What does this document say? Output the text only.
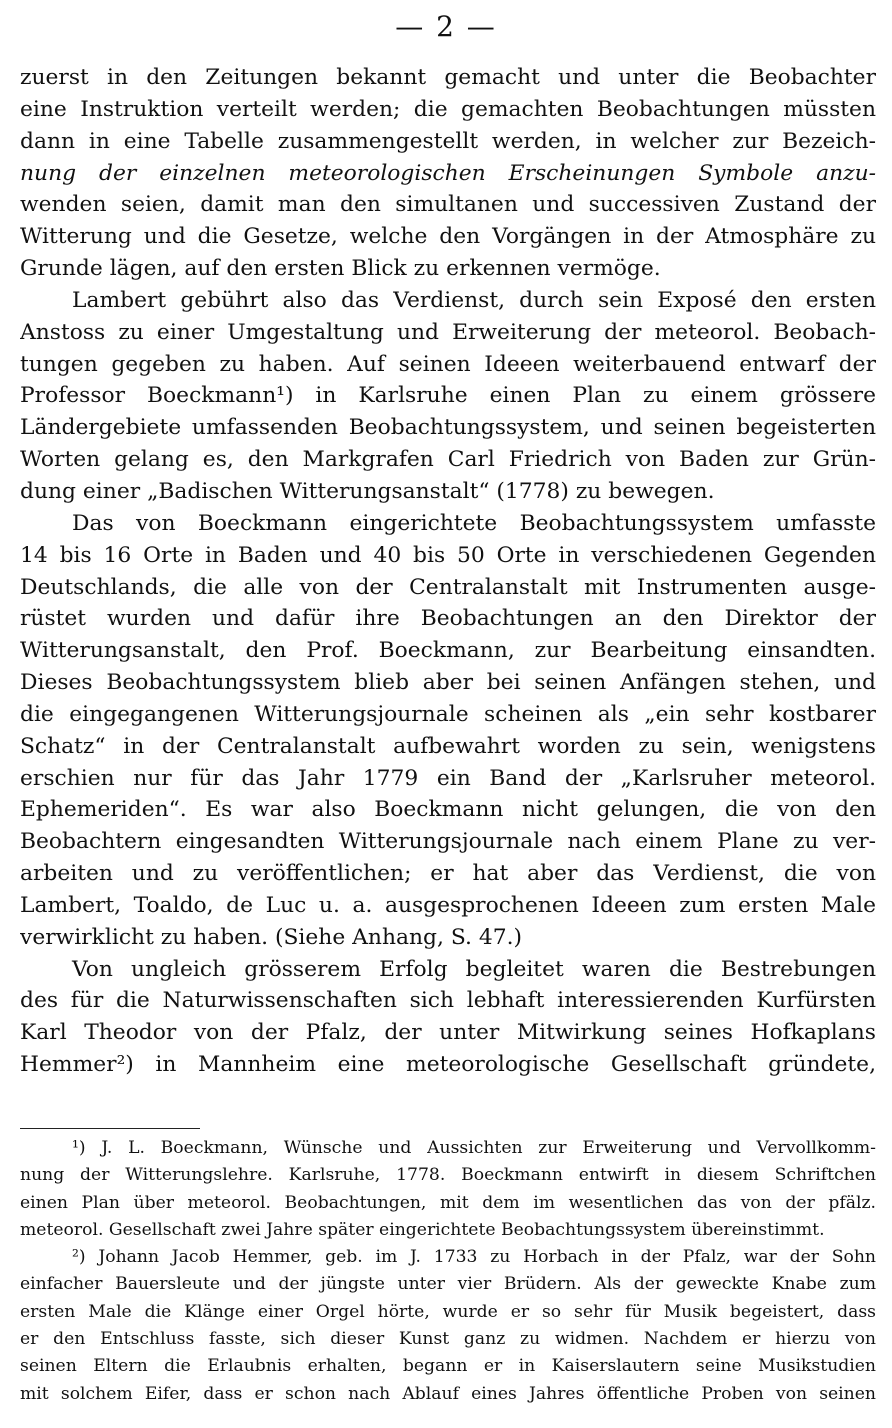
— 2 —
zuerst in den Zeitungen bekannt gemacht und unter die Beobachter
eine Instruktion verteilt werden; die gemachten Beobachtungen müssten
dann in eine Tabelle zusammengestellt werden, in welcher zur Bezeich-
nung der einzelnen meteorologischen Erscheinungen Symbole anzu-
wenden seien, damit man den simultanen und successiven Zustand der
Witterung und die Gesetze, welche den Vorgängen in der Atmosphäre zu
Grunde lägen, auf den ersten Blick zu erkennen vermöge.
Lambert gebührt also das Verdienst, durch sein Exposé den ersten
Anstoss zu einer Umgestaltung und Erweiterung der meteorol. Beobach-
tungen gegeben zu haben. Auf seinen Ideeen weiterbauend entwarf der
Professor Boeckmann¹) in Karlsruhe einen Plan zu einem grössere
Ländergebiete umfassenden Beobachtungssystem, und seinen begeisterten
Worten gelang es, den Markgrafen Carl Friedrich von Baden zur Grün-
dung einer „Badischen Witterungsanstalt“ (1778) zu bewegen.
Das von Boeckmann eingerichtete Beobachtungssystem umfasste
14 bis 16 Orte in Baden und 40 bis 50 Orte in verschiedenen Gegenden
Deutschlands, die alle von der Centralanstalt mit Instrumenten ausge-
rüstet wurden und dafür ihre Beobachtungen an den Direktor der
Witterungsanstalt, den Prof. Boeckmann, zur Bearbeitung einsandten.
Dieses Beobachtungssystem blieb aber bei seinen Anfängen stehen, und
die eingegangenen Witterungsjournale scheinen als „ein sehr kostbarer
Schatz“ in der Centralanstalt aufbewahrt worden zu sein, wenigstens
erschien nur für das Jahr 1779 ein Band der „Karlsruher meteorol.
Ephemeriden“. Es war also Boeckmann nicht gelungen, die von den
Beobachtern eingesandten Witterungsjournale nach einem Plane zu ver-
arbeiten und zu veröffentlichen; er hat aber das Verdienst, die von
Lambert, Toaldo, de Luc u. a. ausgesprochenen Ideeen zum ersten Male
verwirklicht zu haben. (Siehe Anhang, S. 47.)
Von ungleich grösserem Erfolg begleitet waren die Bestrebungen
des für die Naturwissenschaften sich lebhaft interessierenden Kurfürsten
Karl Theodor von der Pfalz, der unter Mitwirkung seines Hofkaplans
Hemmer²) in Mannheim eine meteorologische Gesellschaft gründete,
¹) J. L. Boeckmann, Wünsche und Aussichten zur Erweiterung und Vervollkomm-
nung der Witterungslehre. Karlsruhe, 1778. Boeckmann entwirft in diesem Schriftchen
einen Plan über meteorol. Beobachtungen, mit dem im wesentlichen das von der pfälz.
meteorol. Gesellschaft zwei Jahre später eingerichtete Beobachtungssystem übereinstimmt.
²) Johann Jacob Hemmer, geb. im J. 1733 zu Horbach in der Pfalz, war der Sohn
einfacher Bauersleute und der jüngste unter vier Brüdern. Als der geweckte Knabe zum
ersten Male die Klänge einer Orgel hörte, wurde er so sehr für Musik begeistert, dass
er den Entschluss fasste, sich dieser Kunst ganz zu widmen. Nachdem er hierzu von
seinen Eltern die Erlaubnis erhalten, begann er in Kaiserslautern seine Musikstudien
mit solchem Eifer, dass er schon nach Ablauf eines Jahres öffentliche Proben von seinen
